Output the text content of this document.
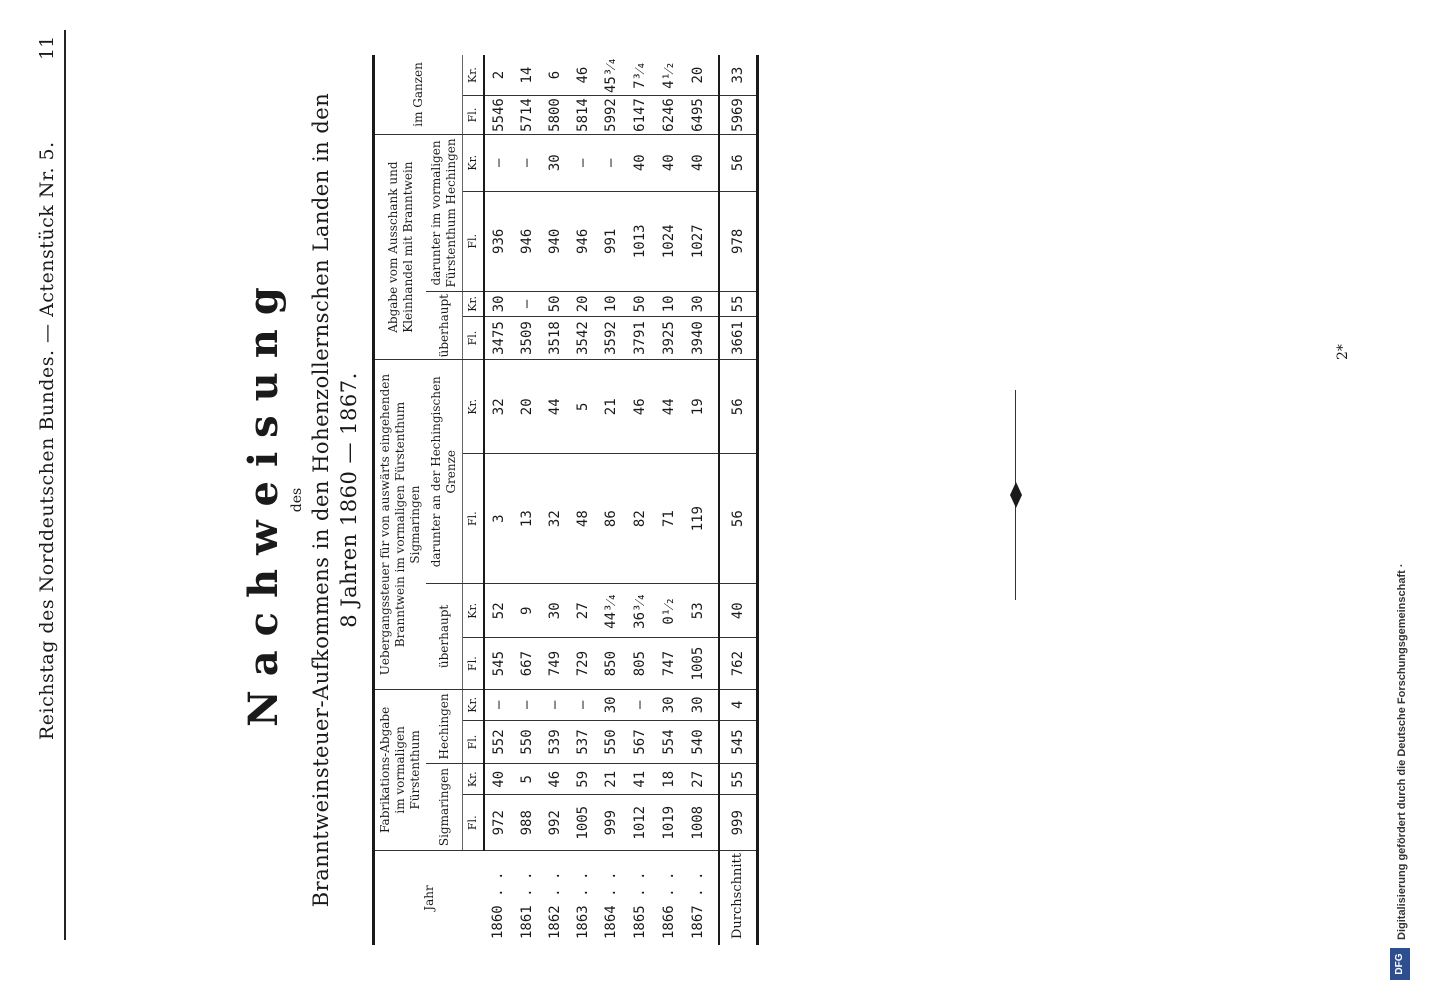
Reichstag des Norddeutschen Bundes. — Actenstück Nr. 5.
11
Nachweisung des Branntweinsteuer-Aufkommens in den Hohenzollernschen Landen in den 8 Jahren 1860 — 1867.
Jahr	Fabrikations-Abgabe im vormaligen Fürstenthum				Uebergangssteuer für von auswärts eingehenden Branntwein im vormaligen Fürstenthum Sigmaringen				Abgabe vom Ausschank und Kleinhandel mit Branntwein				im Ganzen	
	Sigmaringen		Hechingen		überhaupt		darunter an der Hechingischen Grenze		überhaupt		darunter im vormaligen Fürstenthum Hechingen			

	Fl.	Kr.	Fl.	Kr.	Fl.	Kr.	Fl.	Kr.	Fl.	Kr.	Fl.	Kr.	Fl.	Kr.
1860 . .	972	40	552	—	545	52	3	32	3475	30	936	—	5546	2
1861 . .	988	5	550	—	667	9	13	20	3509	—	946	—	5714	14
1862 . .	992	46	539	—	749	30	32	44	3518	50	940	30	5800	6
1863 . .	1005	59	537	—	729	27	48	5	3542	20	946	—	5814	46
1864 . .	999	21	550	30	850	44³⁄₄	86	21	3592	10	991	—	5992	45³⁄₄
1865 . .	1012	41	567	—	805	36³⁄₄	82	46	3791	50	1013	40	6147	7³⁄₄
1866 . .	1019	18	554	30	747	0¹⁄₂	71	44	3925	10	1024	40	6246	4¹⁄₂
1867 . .	1008	27	540	30	1005	53	119	19	3940	30	1027	40	6495	20
Durchschnitt	999	55	545	4	762	40	56	56	3661	55	978	56	5969	33
2*
DFG
Digitalisierung gefördert durch die Deutsche Forschungsgemeinschaft ·
